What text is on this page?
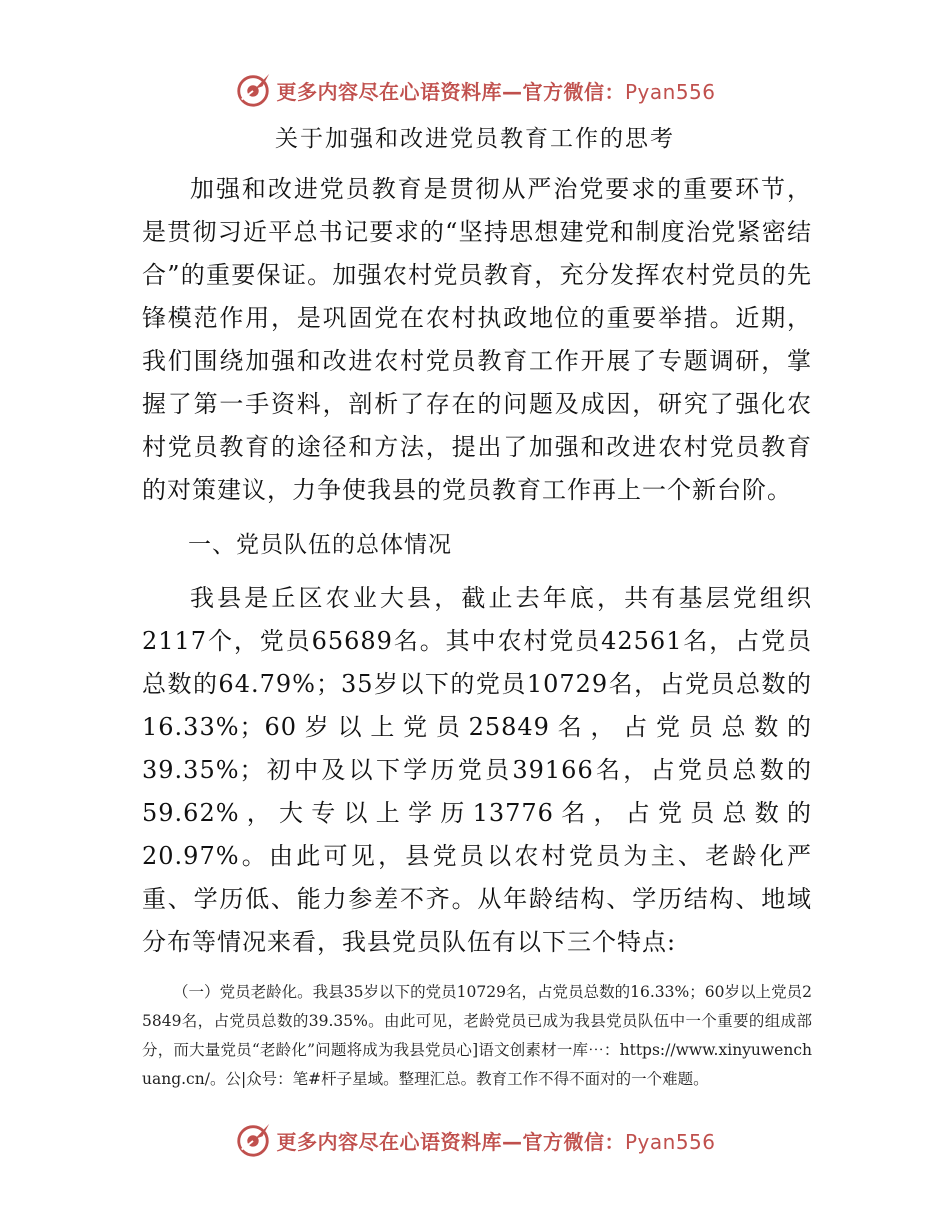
更多内容尽在心语资料库—官方微信：Pyan556
关于加强和改进党员教育工作的思考

加强和改进党员教育是贯彻从严治党要求的重要环节，是贯彻习近平总书记要求的“坚持思想建党和制度治党紧密结合”的重要保证。加强农村党员教育，充分发挥农村党员的先锋模范作用，是巩固党在农村执政地位的重要举措。近期，我们围绕加强和改进农村党员教育工作开展了专题调研，掌握了第一手资料，剖析了存在的问题及成因，研究了强化农村党员教育的途径和方法，提出了加强和改进农村党员教育的对策建议，力争使我县的党员教育工作再上一个新台阶。

一、党员队伍的总体情况

我县是丘区农业大县，截止去年底，共有基层党组织2117个，党员65689名。其中农村党员42561名，占党员总数的64.79%；35岁以下的党员10729名，占党员总数的16.33%；60岁以上党员25849名，占党员总数的39.35%；初中及以下学历党员39166名，占党员总数的59.62%，大专以上学历13776名，占党员总数的20.97%。由此可见，县党员以农村党员为主、老龄化严重、学历低、能力参差不齐。从年龄结构、学历结构、地域分布等情况来看，我县党员队伍有以下三个特点:

（一）党员老龄化。我县35岁以下的党员10729名，占党员总数的16.33%；60岁以上党员25849名，占党员总数的39.35%。由此可见，老龄党员已成为我县党员队伍中一个重要的组成部分，而大量党员“老龄化”问题将成为我县党员心]语文创素材一库⋯：https://www.xinyuwenchuang.cn/。公|众号：笔#杆子星域。整理汇总。教育工作不得不面对的一个难题。

更多内容尽在心语资料库—官方微信：Pyan556
